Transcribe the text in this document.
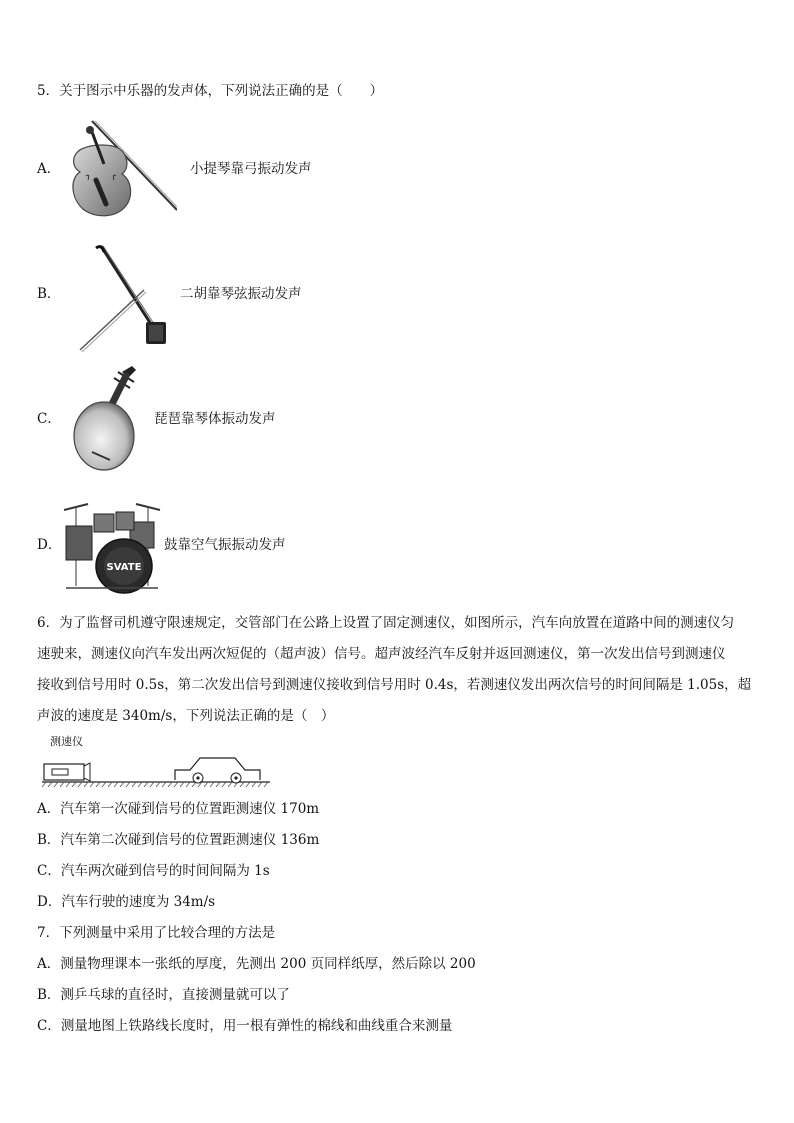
5．关于图示中乐器的发声体，下列说法正确的是（　　）
A．	小提琴靠弓振动发声
B．	二胡靠琴弦振动发声
C．	琵琶靠琴体振动发声
D．
SVATE
鼓靠空气振振动发声
6．为了监督司机遵守限速规定，交管部门在公路上设置了固定测速仪，如图所示，汽车向放置在道路中间的测速仪匀
速驶来，测速仪向汽车发出两次短促的（超声波）信号。超声波经汽车反射并返回测速仪，第一次发出信号到测速仪
接收到信号用时 0.5s，第二次发出信号到测速仪接收到信号用时 0.4s，若测速仪发出两次信号的时间间隔是 1.05s，超
声波的速度是 340m/s，下列说法正确的是（　）
测速仪
A．汽车第一次碰到信号的位置距测速仪 170m
B．汽车第二次碰到信号的位置距测速仪 136m
C．汽车两次碰到信号的时间间隔为 1s
D．汽车行驶的速度为 34m/s
7．下列测量中采用了比较合理的方法是
A．测量物理课本一张纸的厚度，先测出 200 页同样纸厚，然后除以 200
B．测乒乓球的直径时，直接测量就可以了
C．测量地图上铁路线长度时，用一根有弹性的棉线和曲线重合来测量
